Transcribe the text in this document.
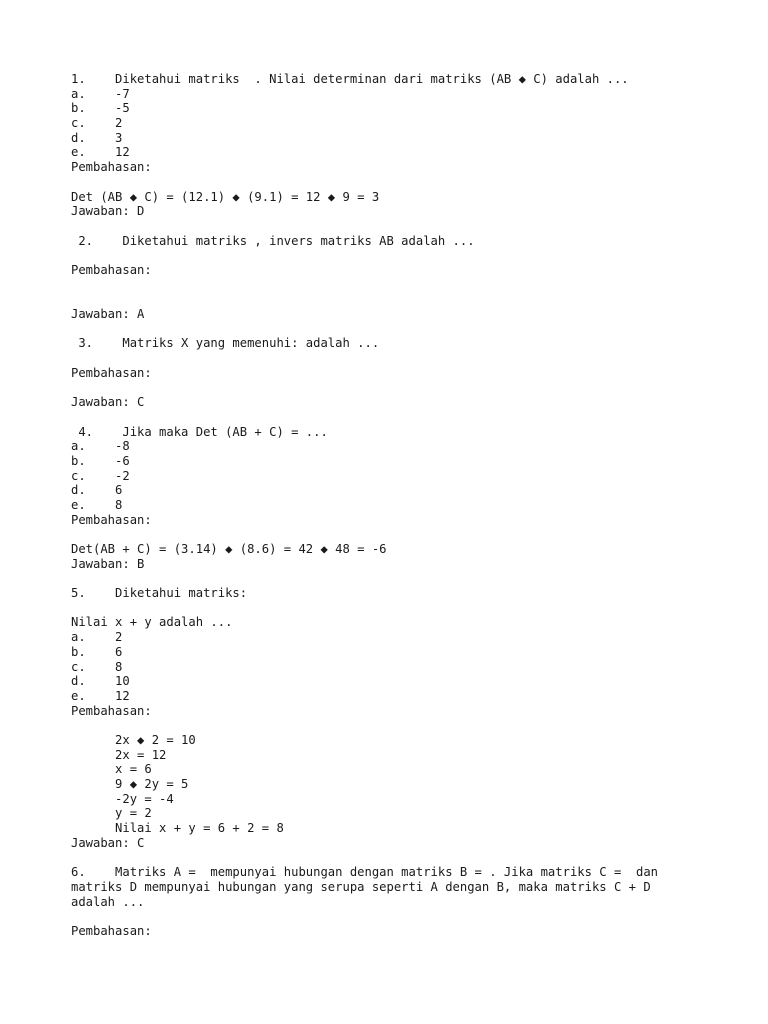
1.    Diketahui matriks  . Nilai determinan dari matriks (AB ◆ C) adalah ...
a.    -7
b.    -5
c.    2
d.    3
e.    12
Pembahasan:
Det (AB ◆ C) = (12.1) ◆ (9.1) = 12 ◆ 9 = 3
Jawaban: D
2.    Diketahui matriks , invers matriks AB adalah ...
Pembahasan:
Jawaban: A
3.    Matriks X yang memenuhi: adalah ...
Pembahasan:
Jawaban: C
4.    Jika maka Det (AB + C) = ...
a.    -8
b.    -6
c.    -2
d.    6
e.    8
Pembahasan:
Det(AB + C) = (3.14) ◆ (8.6) = 42 ◆ 48 = -6
Jawaban: B
5.    Diketahui matriks:
Nilai x + y adalah ...
a.    2
b.    6
c.    8
d.    10
e.    12
Pembahasan:
2x ◆ 2 = 10
2x = 12
x = 6
9 ◆ 2y = 5
-2y = -4
y = 2
Nilai x + y = 6 + 2 = 8
Jawaban: C
6.    Matriks A =  mempunyai hubungan dengan matriks B = . Jika matriks C =  dan
matriks D mempunyai hubungan yang serupa seperti A dengan B, maka matriks C + D
adalah ...
Pembahasan:
